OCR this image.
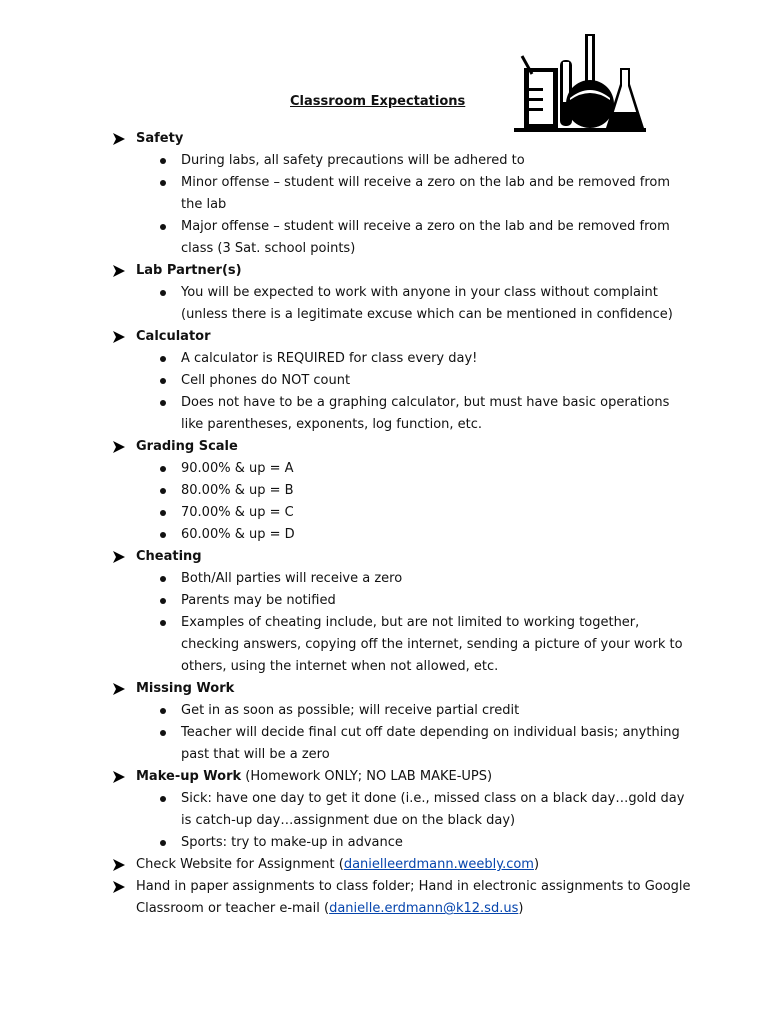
Classroom Expectations
Safety
During labs, all safety precautions will be adhered to
Minor offense – student will receive a zero on the lab and be removed from the lab
Major offense – student will receive a zero on the lab and be removed from class (3 Sat. school points)
Lab Partner(s)
You will be expected to work with anyone in your class without complaint (unless there is a legitimate excuse which can be mentioned in confidence)
Calculator
A calculator is REQUIRED for class every day!
Cell phones do NOT count
Does not have to be a graphing calculator, but must have basic operations like parentheses, exponents, log function, etc.
Grading Scale
90.00% & up = A
80.00% & up = B
70.00% & up = C
60.00% & up = D
Cheating
Both/All parties will receive a zero
Parents may be notified
Examples of cheating include, but are not limited to working together, checking answers, copying off the internet, sending a picture of your work to others, using the internet when not allowed, etc.
Missing Work
Get in as soon as possible; will receive partial credit
Teacher will decide final cut off date depending on individual basis; anything past that will be a zero
Make-up Work (Homework ONLY; NO LAB MAKE-UPS)
Sick: have one day to get it done (i.e., missed class on a black day…gold day is catch-up day…assignment due on the black day)
Sports: try to make-up in advance
Check Website for Assignment (danielleerdmann.weebly.com)
Hand in paper assignments to class folder; Hand in electronic assignments to Google Classroom or teacher e-mail (danielle.erdmann@k12.sd.us)
